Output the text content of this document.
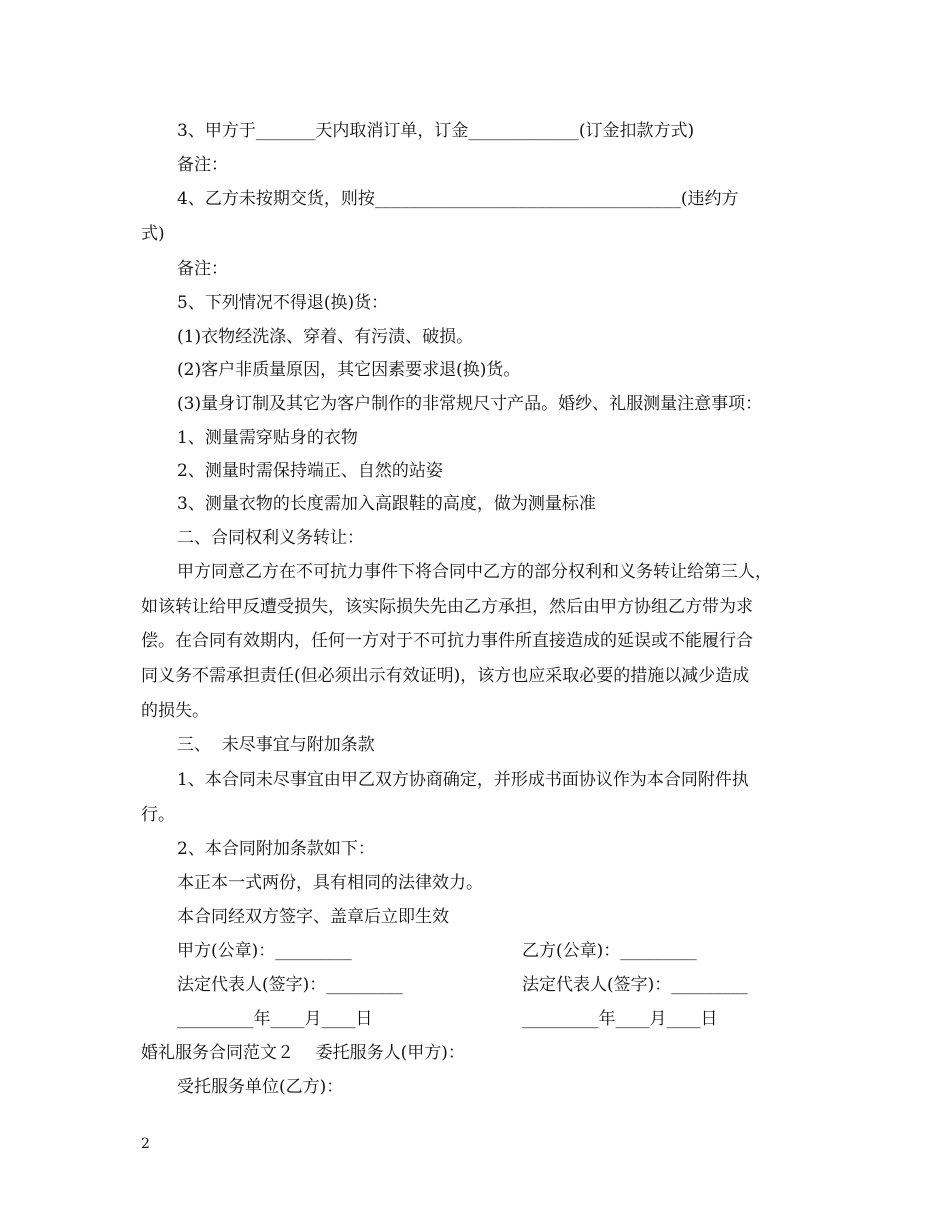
3、甲方于_______天内取消订单，订金_____________(订金扣款方式)
备注：
4、乙方未按期交货，则按____________________________________(违约方
式)
备注：
5、下列情况不得退(换)货：
(1)衣物经洗涤、穿着、有污渍、破损。
(2)客户非质量原因，其它因素要求退(换)货。
(3)量身订制及其它为客户制作的非常规尺寸产品。婚纱、礼服测量注意事项：
1、测量需穿贴身的衣物
2、测量时需保持端正、自然的站姿
3、测量衣物的长度需加入高跟鞋的高度，做为测量标准
二、合同权利义务转让：
甲方同意乙方在不可抗力事件下将合同中乙方的部分权利和义务转让给第三人，
如该转让给甲反遭受损失，该实际损失先由乙方承担，然后由甲方协组乙方带为求
偿。在合同有效期内，任何一方对于不可抗力事件所直接造成的延误或不能履行合
同义务不需承担责任(但必须出示有效证明)，该方也应采取必要的措施以减少造成
的损失。
三、  未尽事宜与附加条款
1、本合同未尽事宜由甲乙双方协商确定，并形成书面协议作为本合同附件执
行。
2、本合同附加条款如下：
本正本一式两份，具有相同的法律效力。
本合同经双方签字、盖章后立即生效
甲方(公章)：_________	乙方(公章)：_________
法定代表人(签字)：_________	法定代表人(签字)：_________
_________年____月____日	_________年____月____日
婚礼服务合同范文２    委托服务人(甲方)：
受托服务单位(乙方)：
2
